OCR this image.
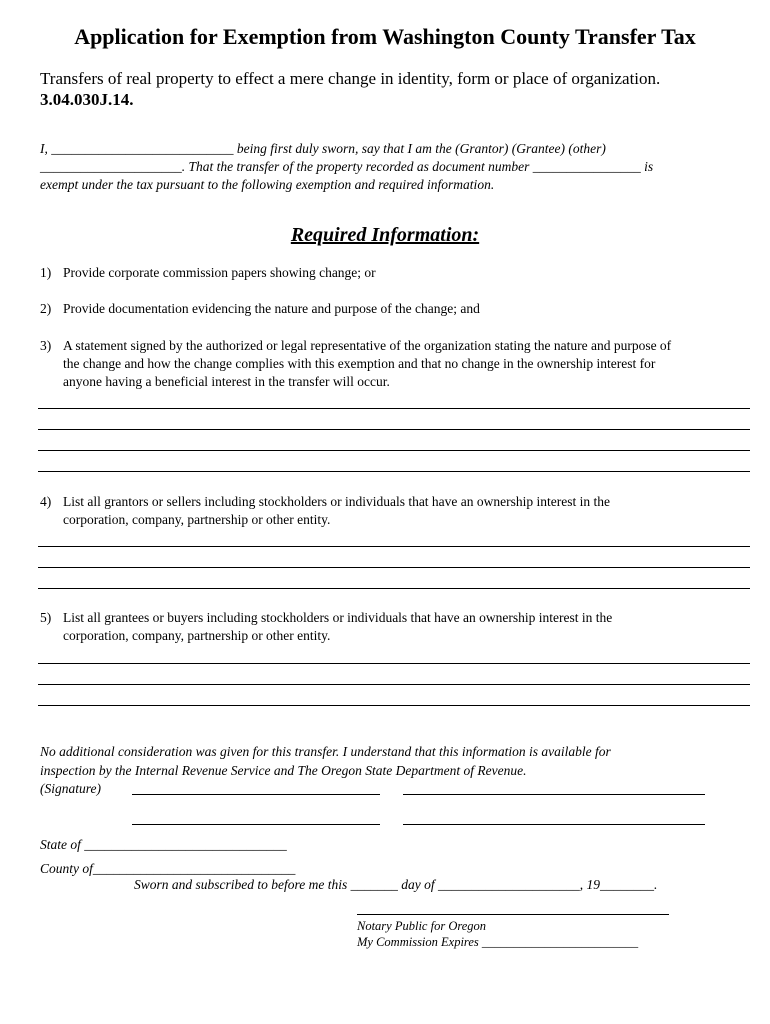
Application for Exemption from Washington County Transfer Tax
Transfers of real property to effect a mere change in identity, form or place of organization.
3.04.030J.14.
I, ___________________________ being first duly sworn, say that I am the (Grantor) (Grantee) (other)
_____________________. That the transfer of the property recorded as document number ________________ is
exempt under the tax pursuant to the following exemption and required information.
Required Information:
1) Provide corporate commission papers showing change; or
2) Provide documentation evidencing the nature and purpose of the change; and
3) A statement signed by the authorized or legal representative of the organization stating the nature and purpose of
the change and how the change complies with this exemption and that no change in the ownership interest for
anyone having a beneficial interest in the transfer will occur.
4) List all grantors or sellers including stockholders or individuals that have an ownership interest in the
corporation, company, partnership or other entity.
5) List all grantees or buyers including stockholders or individuals that have an ownership interest in the
corporation, company, partnership or other entity.
No additional consideration was given for this transfer. I understand that this information is available for
inspection by the Internal Revenue Service and The Oregon State Department of Revenue.
(Signature)
State of ______________________________
County of______________________________
Sworn and subscribed to before me this _______ day of _____________________, 19________.
Notary Public for Oregon
My Commission Expires _________________________
